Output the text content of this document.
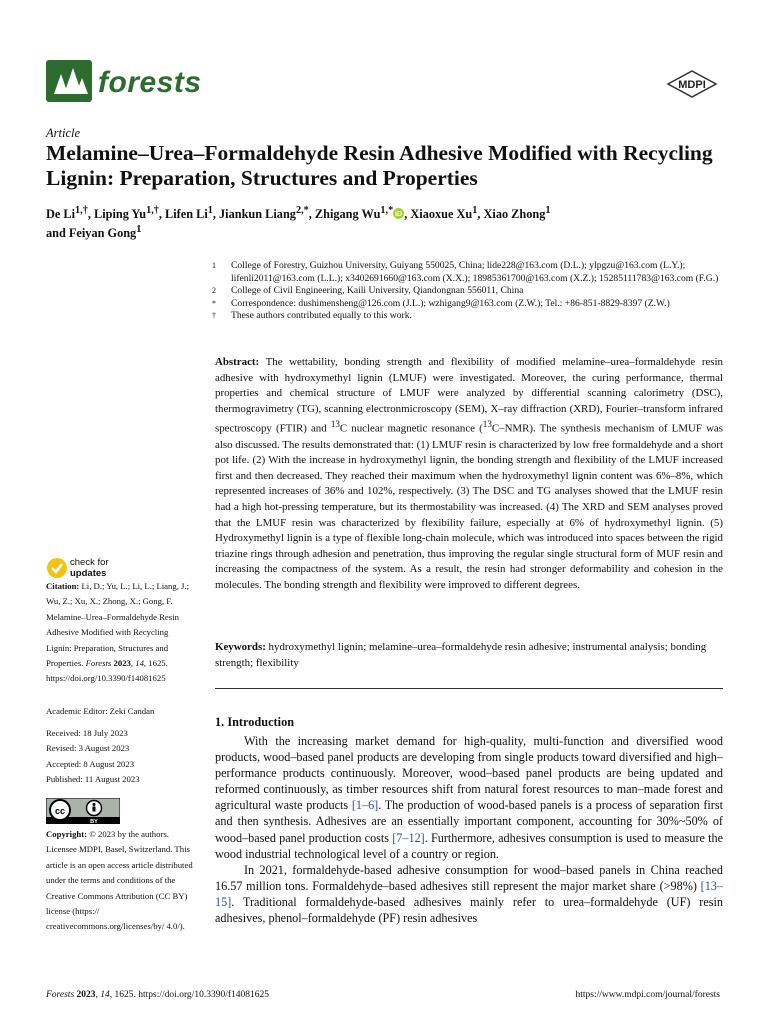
forests	MDPI
Article
Melamine–Urea–Formaldehyde Resin Adhesive Modified with Recycling Lignin: Preparation, Structures and Properties
De $Li^{1,\dagger}$, Liping $Yu^{1,\dagger}$, Lifen Li$^1$, Jiankun Liang$^{2,*}$, Zhigang $Wu^{1,*}$ iD , Xiaoxue Xu$^1$, Xiao Zhong$^1$
and Feiyan Gong$^1$
1	College of Forestry, Guizhou University, Guiyang 550025, China; lide228@163.com (D.L.); ylpgzu@163.com (L.Y.); lifenli2011@163.com (L.L.); x3402691660@163.com (X.X.); 18985361700@163.com (X.Z.); 15285111783@163.com (F.G.)
2	College of Civil Engineering, Kaili University, Qiandongnan 556011, China
*	Correspondence: dushimensheng@126.com (J.L.); wzhigang9@163.com (Z.W.); Tel.: +86-851-8829-8397 (Z.W.)
†	These authors contributed equally to this work.
Abstract: The wettability, bonding strength and flexibility of modified melamine–urea–formaldehyde resin adhesive with hydroxymethyl lignin (LMUF) were investigated. Moreover, the curing performance, thermal properties and chemical structure of LMUF were analyzed by differential scanning calorimetry (DSC), thermogravimetry (TG), scanning electronmicroscopy (SEM), X–ray diffraction (XRD), Fourier–transform infrared spectroscopy (FTIR) and $^{13}$C nuclear magnetic resonance ($^{13}$C–NMR). The synthesis mechanism of LMUF was also discussed. The results demonstrated that: (1) LMUF resin is characterized by low free formaldehyde and a short pot life. (2) With the increase in hydroxymethyl lignin, the bonding strength and flexibility of the LMUF increased first and then decreased. They reached their maximum when the hydroxymethyl lignin content was 6%–8%, which represented increases of 36% and 102%, respectively. (3) The DSC and TG analyses showed that the LMUF resin had a high hot-pressing temperature, but its thermostability was increased. (4) The XRD and SEM analyses proved that the LMUF resin was characterized by flexibility failure, especially at 6% of hydroxymethyl lignin. (5) Hydroxymethyl lignin is a type of flexible long-chain molecule, which was introduced into spaces between the rigid triazine rings through adhesion and penetration, thus improving the regular single structural form of MUF resin and increasing the compactness of the system. As a result, the resin had stronger deformability and cohesion in the molecules. The bonding strength and flexibility were improved to different degrees.
Keywords: hydroxymethyl lignin; melamine–urea–formaldehyde resin adhesive; instrumental analysis; bonding strength; flexibility
1. Introduction

With the increasing market demand for high-quality, multi-function and diversified wood products, wood–based panel products are developing from single products toward diversified and high–performance products continuously. Moreover, wood–based panel products are being updated and reformed continuously, as timber resources shift from natural forest resources to man–made forest and agricultural waste products [1–6]. The production of wood-based panels is a process of separation first and then synthesis. Adhesives are an essentially important component, accounting for 30%~50% of wood–based panel production costs [7–12]. Furthermore, adhesives consumption is used to measure the wood industrial technological level of a country or region.

In 2021, formaldehyde-based adhesive consumption for wood–based panels in China reached 16.57 million tons. Formaldehyde–based adhesives still represent the major market share (>98%) [13–15]. Traditional formaldehyde-based adhesives mainly refer to urea–formaldehyde (UF) resin adhesives, phenol–formaldehyde (PF) resin adhesives

check for
updates
Citation: Li, D.; Yu, L.; Li, L.; Liang, J.; Wu, Z.; Xu, X.; Zhong, X.; Gong, F. Melamine–Urea–Formaldehyde Resin Adhesive Modified with Recycling Lignin: Preparation, Structures and Properties. Forests 2023, 14, 1625. https://doi.org/10.3390/f14081625
Academic Editor: Zeki Candan
Received: 18 July 2023
Revised: 3 August 2023
Accepted: 8 August 2023
Published: 11 August 2023
cc
BY
Copyright: © 2023 by the authors. Licensee MDPI, Basel, Switzerland. This article is an open access article distributed under the terms and conditions of the Creative Commons Attribution (CC BY) license (https:// creativecommons.org/licenses/by/ 4.0/).
Forests 2023, 14, 1625. https://doi.org/10.3390/f14081625	https://www.mdpi.com/journal/forests
